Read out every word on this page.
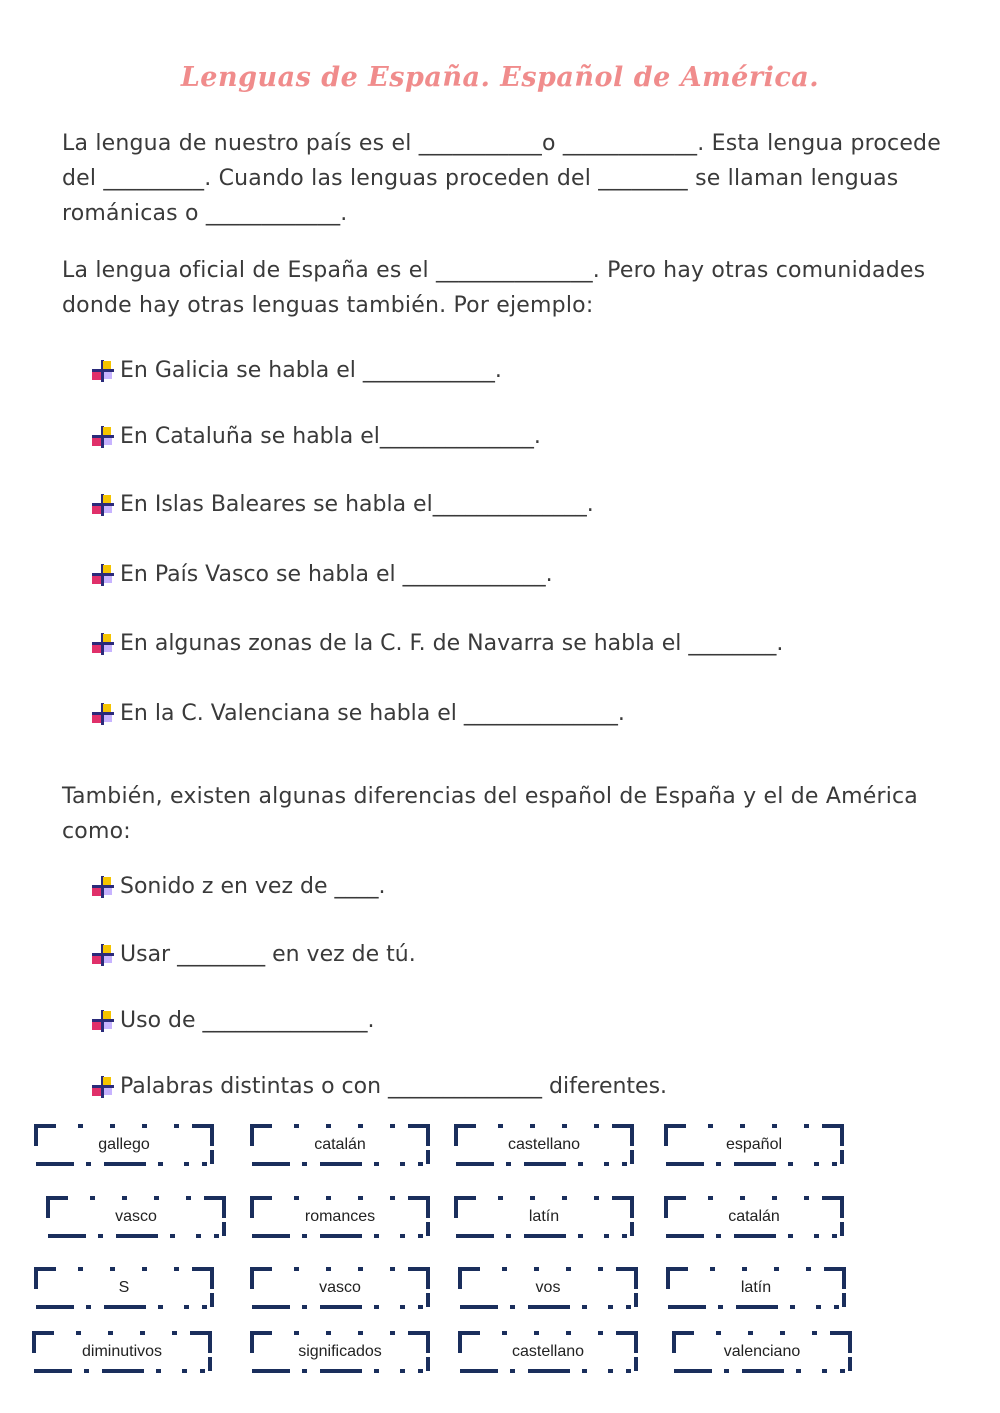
Lenguas de España. Español de América.
La lengua de nuestro país es el ___________o ____________. Esta lengua procede del _________. Cuando las lenguas proceden del ________ se llaman lenguas románicas o ____________.
La lengua oficial de España es el ______________. Pero hay otras comunidades donde hay otras lenguas también. Por ejemplo:
En Galicia se habla el ____________.
En Cataluña se habla el______________.
En Islas Baleares se habla el______________.
En País Vasco se habla el _____________.
En algunas zonas de la C. F. de Navarra se habla el ________.
En la C. Valenciana se habla el ______________.
También, existen algunas diferencias del español de España y el de América como:
Sonido z en vez de ____.
Usar ________ en vez de tú.
Uso de _______________.
Palabras distintas o con ______________ diferentes.
gallego	catalán	castellano	español
vasco	romances	latín	catalán
S	vasco	vos	latín
diminutivos	significados	castellano	valenciano
